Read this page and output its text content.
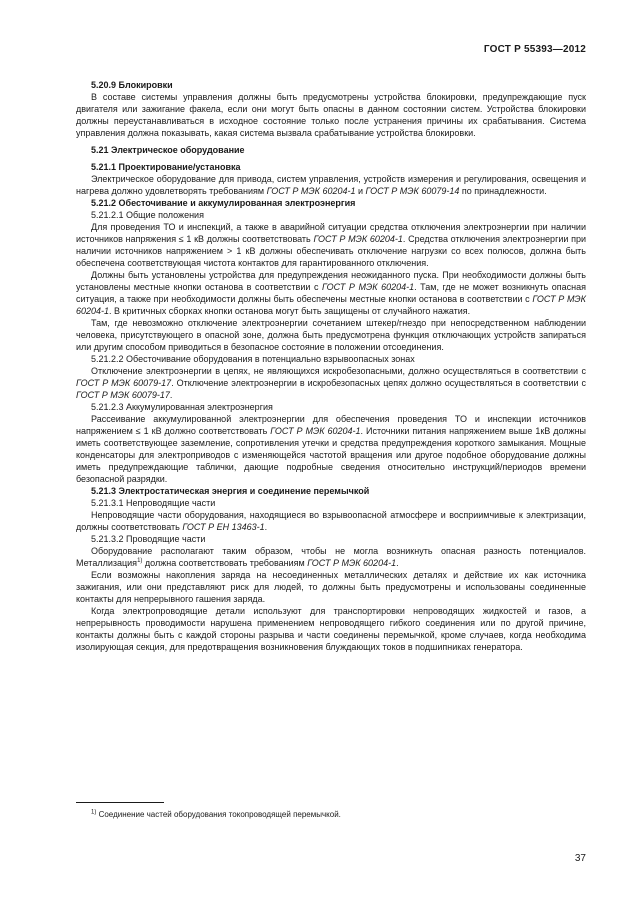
ГОСТ Р 55393—2012

5.20.9 Блокировки

В составе системы управления должны быть предусмотрены устройства блокировки, предупреждающие пуск двигателя или зажигание факела, если они могут быть опасны в данном состоянии систем. Устройства блокировки должны переустанавливаться в исходное состояние только после устранения причины их срабатывания. Система управления должна показывать, какая система вызвала срабатывание устройства блокировки.

5.21 Электрическое оборудование

5.21.1 Проектирование/установка

Электрическое оборудование для привода, систем управления, устройств измерения и регулирования, освещения и нагрева должно удовлетворять требованиям ГОСТ Р МЭК 60204-1 и ГОСТ Р МЭК 60079-14 по принадлежности.

5.21.2 Обесточивание и аккумулированная электроэнергия

5.21.2.1 Общие положения

Для проведения ТО и инспекций, а также в аварийной ситуации средства отключения электроэнергии при наличии источников напряжения ≤ 1 кВ должны соответствовать ГОСТ Р МЭК 60204-1. Средства отключения электроэнергии при наличии источников напряжением > 1 кВ должны обеспечивать отключение нагрузки со всех полюсов, должна быть обеспечена соответствующая чистота контактов для гарантированного отключения.

Должны быть установлены устройства для предупреждения неожиданного пуска. При необходимости должны быть установлены местные кнопки останова в соответствии с ГОСТ Р МЭК 60204-1. Там, где не может возникнуть опасная ситуация, а также при необходимости должны быть обеспечены местные кнопки останова в соответствии с ГОСТ Р МЭК 60204-1. В критичных сборках кнопки останова могут быть защищены от случайного нажатия.

Там, где невозможно отключение электроэнергии сочетанием штекер/гнездо при непосредственном наблюдении человека, присутствующего в опасной зоне, должна быть предусмотрена функция отключающих устройств запираться или другим способом приводиться в безопасное состояние в положении отсоединения.

5.21.2.2 Обесточивание оборудования в потенциально взрывоопасных зонах

Отключение электроэнергии в цепях, не являющихся искробезопасными, должно осуществляться в соответствии с ГОСТ Р МЭК 60079-17. Отключение электроэнергии в искробезопасных цепях должно осуществляться в соответствии с ГОСТ Р МЭК 60079-17.

5.21.2.3 Аккумулированная электроэнергия

Рассеивание аккумулированной электроэнергии для обеспечения проведения ТО и инспекции источников напряжением ≤ 1 кВ должно соответствовать ГОСТ Р МЭК 60204-1. Источники питания напряжением выше 1кВ должны иметь соответствующее заземление, сопротивления утечки и средства предупреждения короткого замыкания. Мощные конденсаторы для электроприводов с изменяющейся частотой вращения или другое подобное оборудование должны иметь предупреждающие таблички, дающие подробные сведения относительно инструкций/периодов времени безопасной разрядки.

5.21.3 Электростатическая энергия и соединение перемычкой

5.21.3.1 Непроводящие части

Непроводящие части оборудования, находящиеся во взрывоопасной атмосфере и восприимчивые к электризации, должны соответствовать ГОСТ Р ЕН 13463-1.

5.21.3.2 Проводящие части

Оборудование располагают таким образом, чтобы не могла возникнуть опасная разность потенциалов. Металлизация$^{1)}$ должна соответствовать требованиям ГОСТ Р МЭК 60204-1.

Если возможны накопления заряда на несоединенных металлических деталях и действие их как источника зажигания, или они представляют риск для людей, то должны быть предусмотрены и использованы соединенные контакты для непрерывного гашения заряда.

Когда электропроводящие детали используют для транспортировки непроводящих жидкостей и газов, а непрерывность проводимости нарушена применением непроводящего гибкого соединения или по другой причине, контакты должны быть с каждой стороны разрыва и части соединены перемычкой, кроме случаев, когда необходима изолирующая секция, для предотвращения возникновения блуждающих токов в подшипниках генератора.

$^{1)}$ Соединение частей оборудования токопроводящей перемычкой.
37
